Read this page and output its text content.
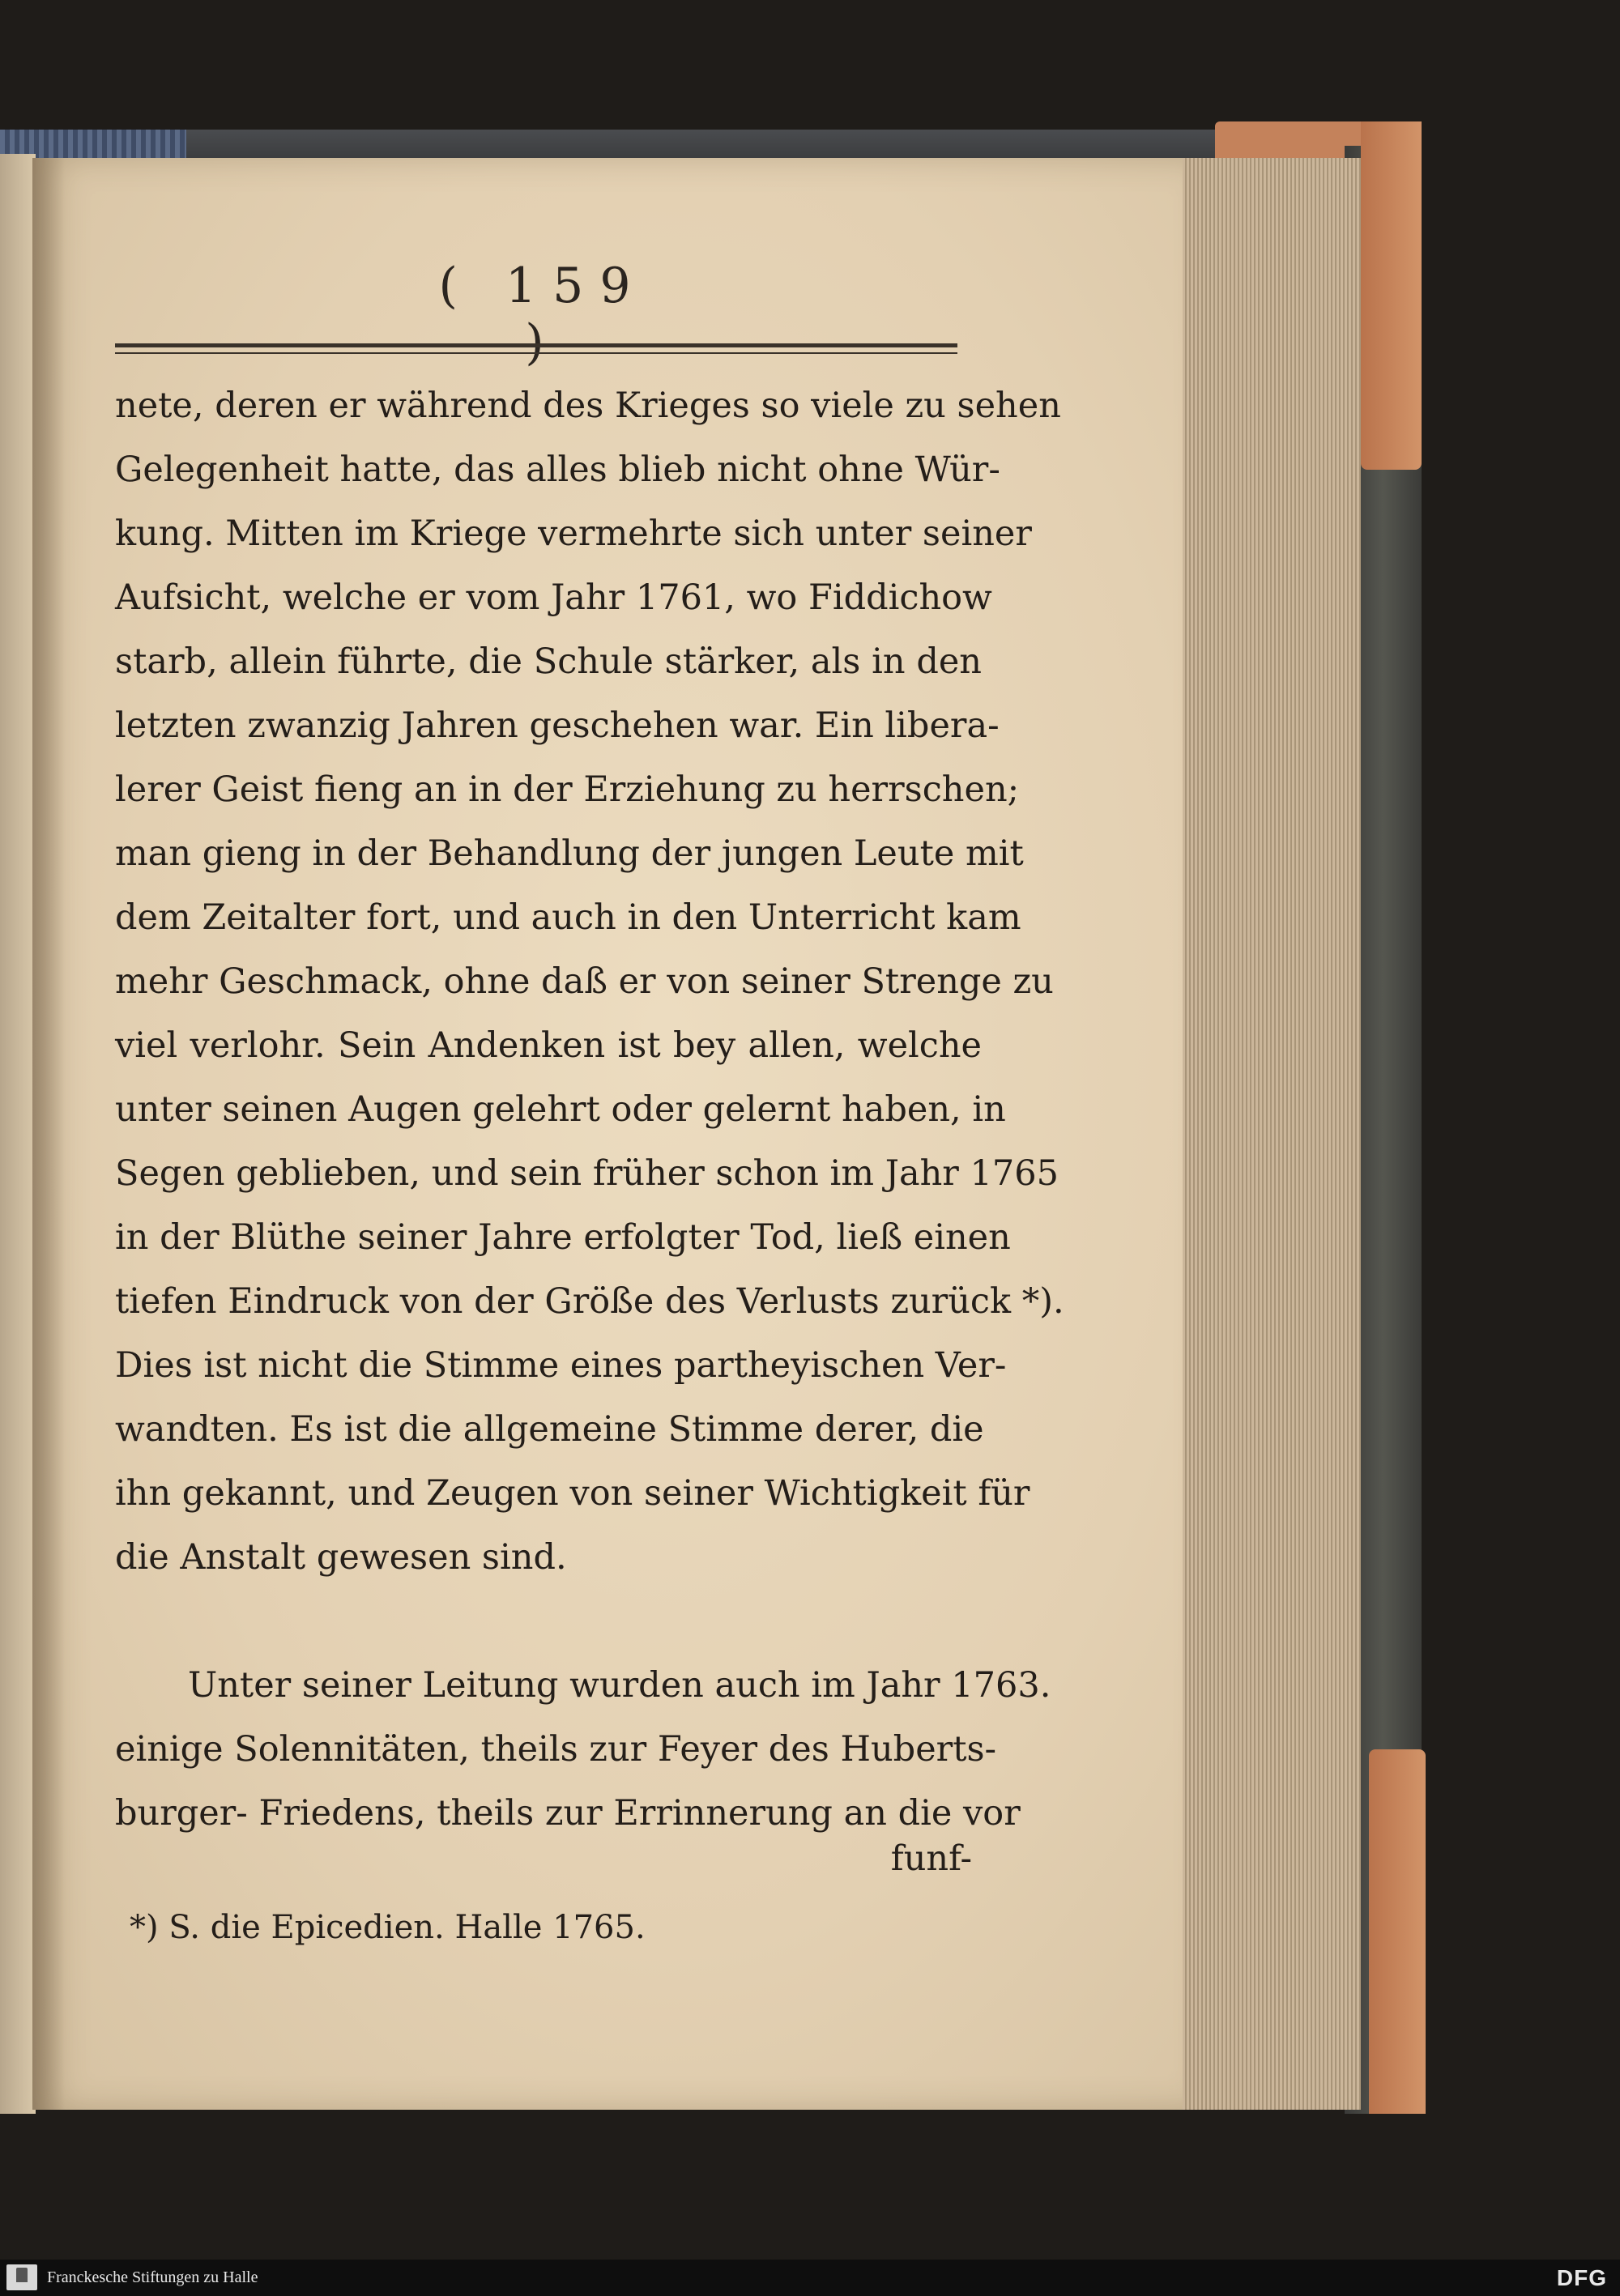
( 159 )
nete, deren er während des Krieges so viele zu sehen
Gelegenheit hatte, das alles blieb nicht ohne Wür-
kung. Mitten im Kriege vermehrte sich unter seiner
Aufsicht, welche er vom Jahr 1761, wo Fiddichow
starb, allein führte, die Schule stärker, als in den
letzten zwanzig Jahren geschehen war. Ein libera-
lerer Geist fieng an in der Erziehung zu herrschen;
man gieng in der Behandlung der jungen Leute mit
dem Zeitalter fort, und auch in den Unterricht kam
mehr Geschmack, ohne daß er von seiner Strenge zu
viel verlohr. Sein Andenken ist bey allen, welche
unter seinen Augen gelehrt oder gelernt haben, in
Segen geblieben, und sein früher schon im Jahr 1765
in der Blüthe seiner Jahre erfolgter Tod, ließ einen
tiefen Eindruck von der Größe des Verlusts zurück *).
Dies ist nicht die Stimme eines partheyischen Ver-
wandten. Es ist die allgemeine Stimme derer, die
ihn gekannt, und Zeugen von seiner Wichtigkeit für
die Anstalt gewesen sind.

Unter seiner Leitung wurden auch im Jahr 1763.
einige Solennitäten, theils zur Feyer des Huberts-
burger- Friedens, theils zur Errinnerung an die vor
funf-
*) S. die Epicedien. Halle 1765.
Franckesche Stiftungen zu Halle	DFG
